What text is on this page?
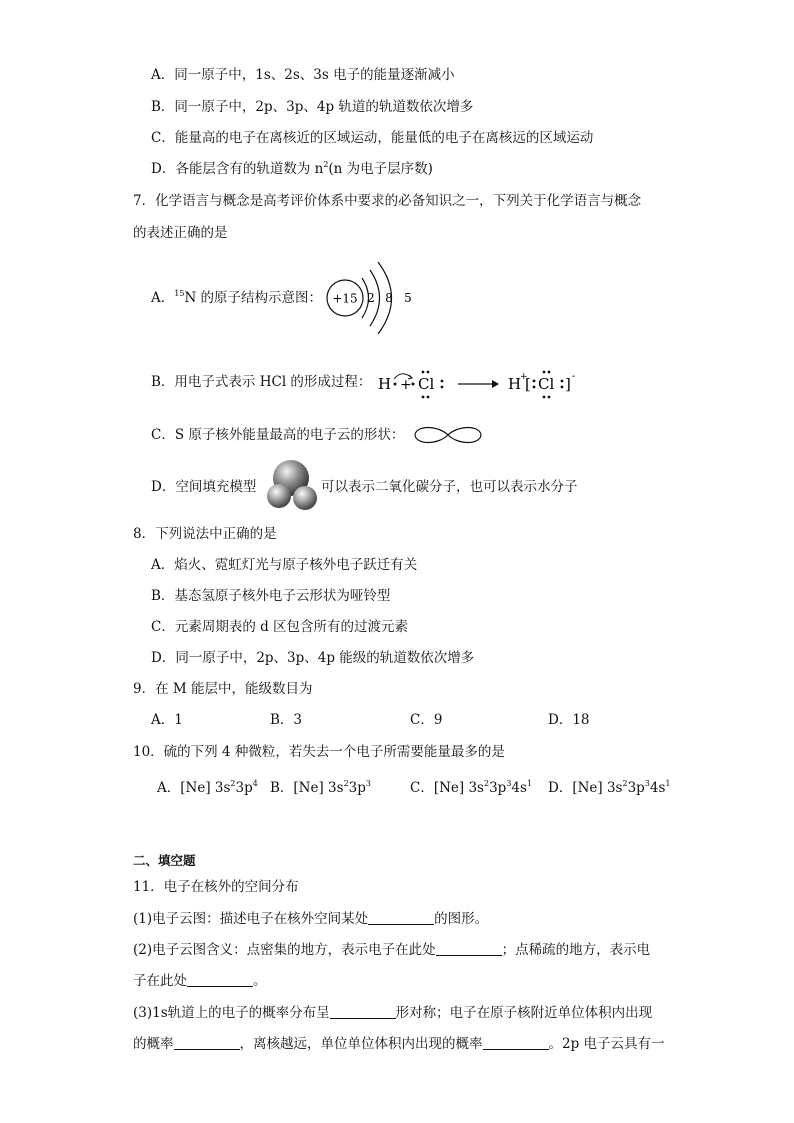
A．同一原子中，1s、2s、3s 电子的能量逐渐减小
B．同一原子中，2p、3p、4p 轨道的轨道数依次增多
C．能量高的电子在离核近的区域运动，能量低的电子在离核远的区域运动
D．各能层含有的轨道数为 $n^2(n$ 为电子层序数)
7．化学语言与概念是高考评价体系中要求的必备知识之一，下列关于化学语言与概念
的表述正确的是
A．$^{15}$N 的原子结构示意图： +15 2 8 5
B．用电子式表示 HCl 的形成过程： H + Cl	H
+
[ Cl ] -
C．S 原子核外能量最高的电子云的形状：
D．空间填充模型	可以表示二氧化碳分子，也可以表示水分子
8．下列说法中正确的是
A．焰火、霓虹灯光与原子核外电子跃迁有关
B．基态氢原子核外电子云形状为哑铃型
C．元素周期表的 d 区包含所有的过渡元素
D．同一原子中，2p、3p、4p 能级的轨道数依次增多
9．在 M 能层中，能级数目为
A．1	B．3	C．9	D．18
10．硫的下列 4 种微粒，若失去一个电子所需要能量最多的是
A．[Ne] $3s^23p^4$ B．[Ne] $3s^23p^3$	C．[Ne] $3s^23p^34s^1$ D．[Ne] $3s^23p^34s^1$
二、填空题
11．电子在核外的空间分布
(1)电子云图：描述电子在核外空间某处	的图形。
(2)电子云图含义：点密集的地方，表示电子在此处	；点稀疏的地方，表示电
子在此处	。
(3)1s轨道上的电子的概率分布呈	形对称；电子在原子核附近单位体积内出现
的概率	，离核越远，单位单位体积内出现的概率	。2p 电子云具有一
